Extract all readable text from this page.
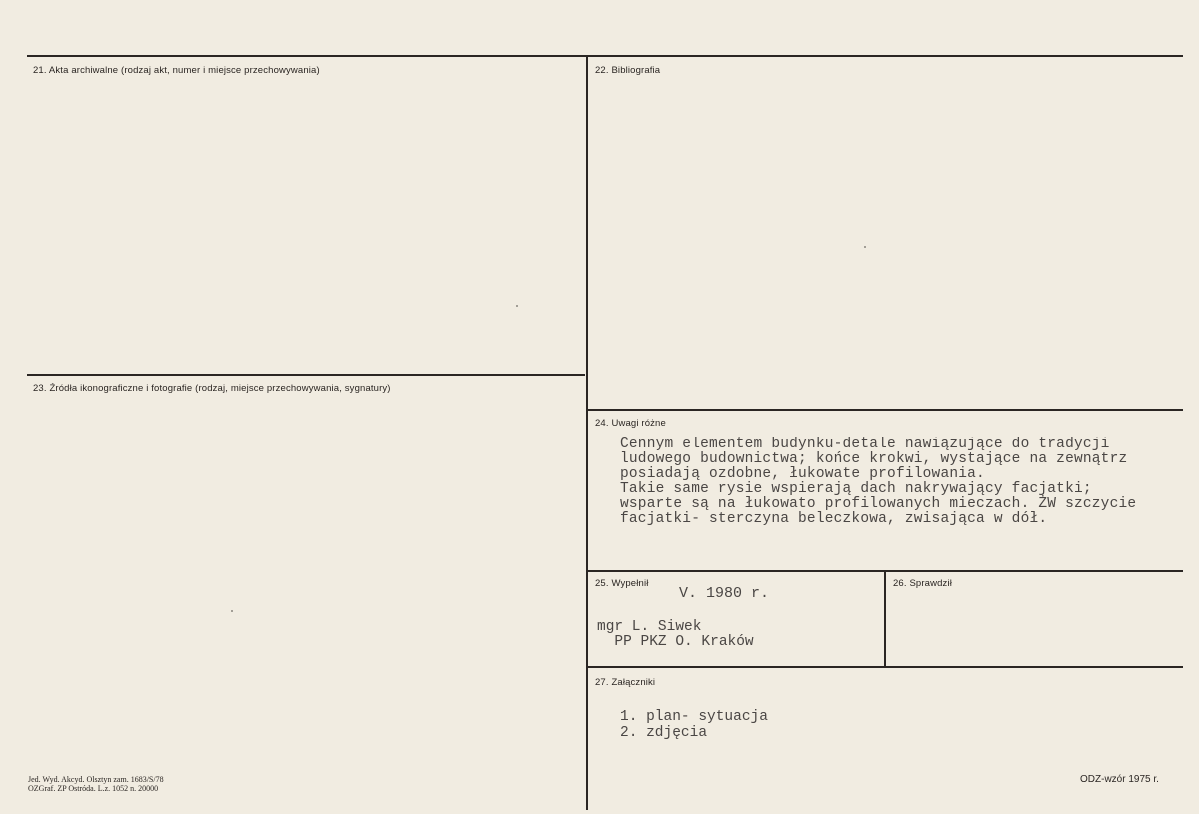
21. Akta archiwalne (rodzaj akt, numer i miejsce przechowywania)	22. Bibliografia
23. Źródła ikonograficzne i fotografie (rodzaj, miejsce przechowywania, sygnatury)
24. Uwagi różne
Cennym elementem budynku-detale nawiązujące do tradycji
ludowego budownictwa; końce krokwi, wystające na zewnątrz
posiadają ozdobne, łukowate profilowania.
Takie same rysie wspierają dach nakrywający facjatki;
wsparte są na łukowato profilowanych mieczach. ŻW szczycie
facjatki- sterczyna beleczkowa, zwisająca w dół.
25. Wypełnił
V. 1980 r.
mgr L. Siwek
PP PKZ O. Kraków
26. Sprawdził
27. Załączniki
1. plan- sytuacja
2. zdjęcia
Jed. Wyd. Akcyd. Olsztyn zam. 1683/S/78
OZGraf. ZP Ostróda. L.z. 1052 n. 20000
ODZ-wzór 1975 r.
